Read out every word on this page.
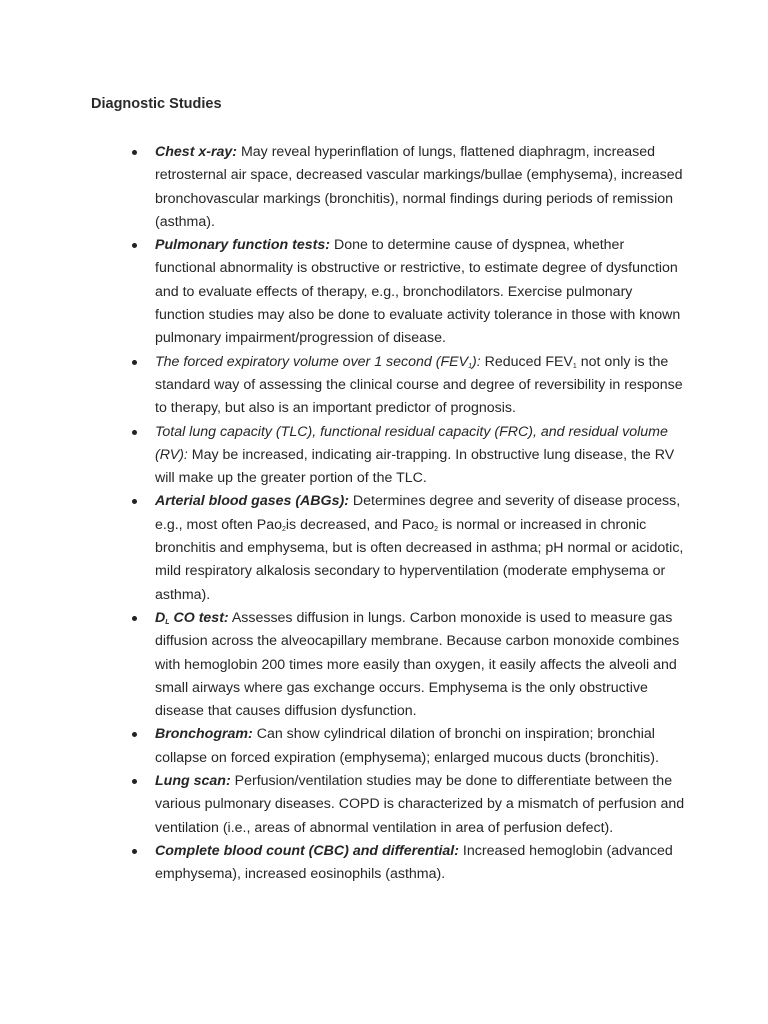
Diagnostic Studies
Chest x-ray: May reveal hyperinflation of lungs, flattened diaphragm, increased retrosternal air space, decreased vascular markings/bullae (emphysema), increased bronchovascular markings (bronchitis), normal findings during periods of remission (asthma).
Pulmonary function tests: Done to determine cause of dyspnea, whether functional abnormality is obstructive or restrictive, to estimate degree of dysfunction and to evaluate effects of therapy, e.g., bronchodilators. Exercise pulmonary function studies may also be done to evaluate activity tolerance in those with known pulmonary impairment/progression of disease.
The forced expiratory volume over 1 second $(FEV_1)$: Reduced $FEV_1$ not only is the standard way of assessing the clinical course and degree of reversibility in response to therapy, but also is an important predictor of prognosis.
Total lung capacity (TLC), functional residual capacity (FRC), and residual volume (RV): May be increased, indicating air-trapping. In obstructive lung disease, the RV will make up the greater portion of the TLC.
Arterial blood gases (ABGs): Determines degree and severity of disease process, e.g., most often Pao$_2$is decreased, and Paco$_2$ is normal or increased in chronic bronchitis and emphysema, but is often decreased in asthma; pH normal or acidotic, mild respiratory alkalosis secondary to hyperventilation (moderate emphysema or asthma).
$D_L$ CO test: Assesses diffusion in lungs. Carbon monoxide is used to measure gas diffusion across the alveocapillary membrane. Because carbon monoxide combines with hemoglobin 200 times more easily than oxygen, it easily affects the alveoli and small airways where gas exchange occurs. Emphysema is the only obstructive disease that causes diffusion dysfunction.
Bronchogram: Can show cylindrical dilation of bronchi on inspiration; bronchial collapse on forced expiration (emphysema); enlarged mucous ducts (bronchitis).
Lung scan: Perfusion/ventilation studies may be done to differentiate between the various pulmonary diseases. COPD is characterized by a mismatch of perfusion and ventilation (i.e., areas of abnormal ventilation in area of perfusion defect).
Complete blood count (CBC) and differential: Increased hemoglobin (advanced emphysema), increased eosinophils (asthma).
